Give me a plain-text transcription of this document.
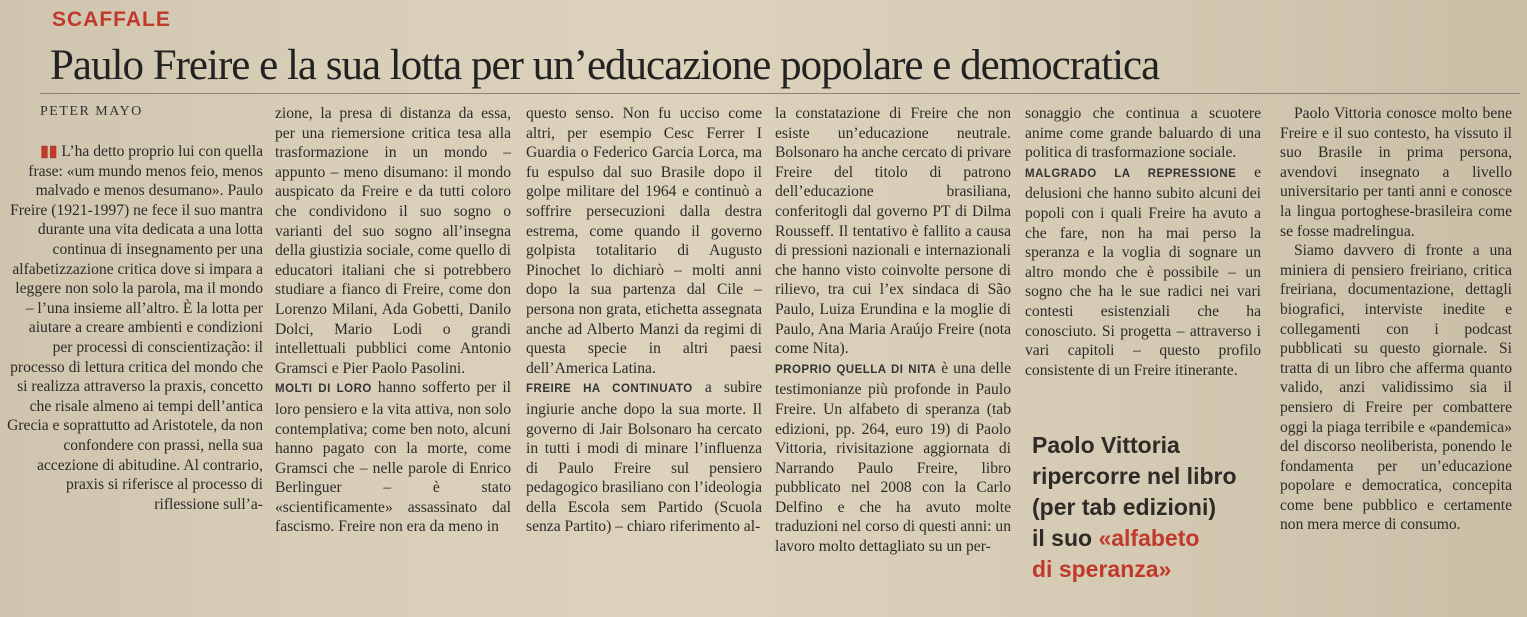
SCAFFALE
Paulo Freire e la sua lotta per un’educazione popolare e democratica
PETER MAYO

▮▮ L’ha detto proprio lui con quella frase: «um mundo menos feio, menos malvado e menos desumano». Paulo Freire (1921-1997) ne fece il suo mantra durante una vita dedicata a una lotta continua di insegnamento per una alfabetizzazione critica dove si impara a leggere non solo la parola, ma il mondo – l’una insieme all’altro. È la lotta per aiutare a creare ambienti e condizioni per processi di conscientização: il processo di lettura critica del mondo che si realizza attraverso la praxis, concetto che risale almeno ai tempi dell’antica Grecia e soprattutto ad Aristotele, da non confondere con prassi, nella sua accezione di abitudine. Al contrario, praxis si riferisce al processo di riflessione sull’a-

zione, la presa di distanza da essa, per una riemersione critica tesa alla trasformazione in un mondo – appunto – meno disumano: il mondo auspicato da Freire e da tutti coloro che condividono il suo sogno o varianti del suo sogno all’insegna della giustizia sociale, come quello di educatori italiani che si potrebbero studiare a fianco di Freire, come don Lorenzo Milani, Ada Gobetti, Danilo Dolci, Mario Lodi o grandi intellettuali pubblici come Antonio Gramsci e Pier Paolo Pasolini.

MOLTI DI LORO hanno sofferto per il loro pensiero e la vita attiva, non solo contemplativa; come ben noto, alcuni hanno pagato con la morte, come Gramsci che – nelle parole di Enrico Berlinguer – è stato «scientificamente» assassinato dal fascismo. Freire non era da meno in

questo senso. Non fu ucciso come altri, per esempio Cesc Ferrer I Guardia o Federico Garcia Lorca, ma fu espulso dal suo Brasile dopo il golpe militare del 1964 e continuò a soffrire persecuzioni dalla destra estrema, come quando il governo golpista totalitario di Augusto Pinochet lo dichiarò – molti anni dopo la sua partenza dal Cile – persona non grata, etichetta assegnata anche ad Alberto Manzi da regimi di questa specie in altri paesi dell’America Latina.

FREIRE HA CONTINUATO a subire ingiurie anche dopo la sua morte. Il governo di Jair Bolsonaro ha cercato in tutti i modi di minare l’influenza di Paulo Freire sul pensiero pedagogico brasiliano con l’ideologia della Escola sem Partido (Scuola senza Partito) – chiaro riferimento al-

la constatazione di Freire che non esiste un’educazione neutrale. Bolsonaro ha anche cercato di privare Freire del titolo di patrono dell’educazione brasiliana, conferitogli dal governo PT di Dilma Rousseff. Il tentativo è fallito a causa di pressioni nazionali e internazionali che hanno visto coinvolte persone di rilievo, tra cui l’ex sindaca di São Paulo, Luiza Erundina e la moglie di Paulo, Ana Maria Araújo Freire (nota come Nita).

PROPRIO QUELLA DI NITA è una delle testimonianze più profonde in Paulo Freire. Un alfabeto di speranza (tab edizioni, pp. 264, euro 19) di Paolo Vittoria, rivisitazione aggiornata di Narrando Paulo Freire, libro pubblicato nel 2008 con la Carlo Delfino e che ha avuto molte traduzioni nel corso di questi anni: un lavoro molto dettagliato su un per-

sonaggio che continua a scuotere anime come grande baluardo di una politica di trasformazione sociale.

MALGRADO LA REPRESSIONE e delusioni che hanno subito alcuni dei popoli con i quali Freire ha avuto a che fare, non ha mai perso la speranza e la voglia di sognare un altro mondo che è possibile – un sogno che ha le sue radici nei vari contesti esistenziali che ha conosciuto. Si progetta – attraverso i vari capitoli – questo profilo consistente di un Freire itinerante.

Paolo Vittoria
ripercorre nel libro
(per tab edizioni)
il suo «alfabeto
di speranza»

Paolo Vittoria conosce molto bene Freire e il suo contesto, ha vissuto il suo Brasile in prima persona, avendovi insegnato a livello universitario per tanti anni e conosce la lingua portoghese-brasileira come se fosse madrelingua.

Siamo davvero di fronte a una miniera di pensiero freiriano, critica freiriana, documentazione, dettagli biografici, interviste inedite e collegamenti con i podcast pubblicati su questo giornale. Si tratta di un libro che afferma quanto valido, anzi validissimo sia il pensiero di Freire per combattere oggi la piaga terribile e «pandemica» del discorso neoliberista, ponendo le fondamenta per un’educazione popolare e democratica, concepita come bene pubblico e certamente non mera merce di consumo.
